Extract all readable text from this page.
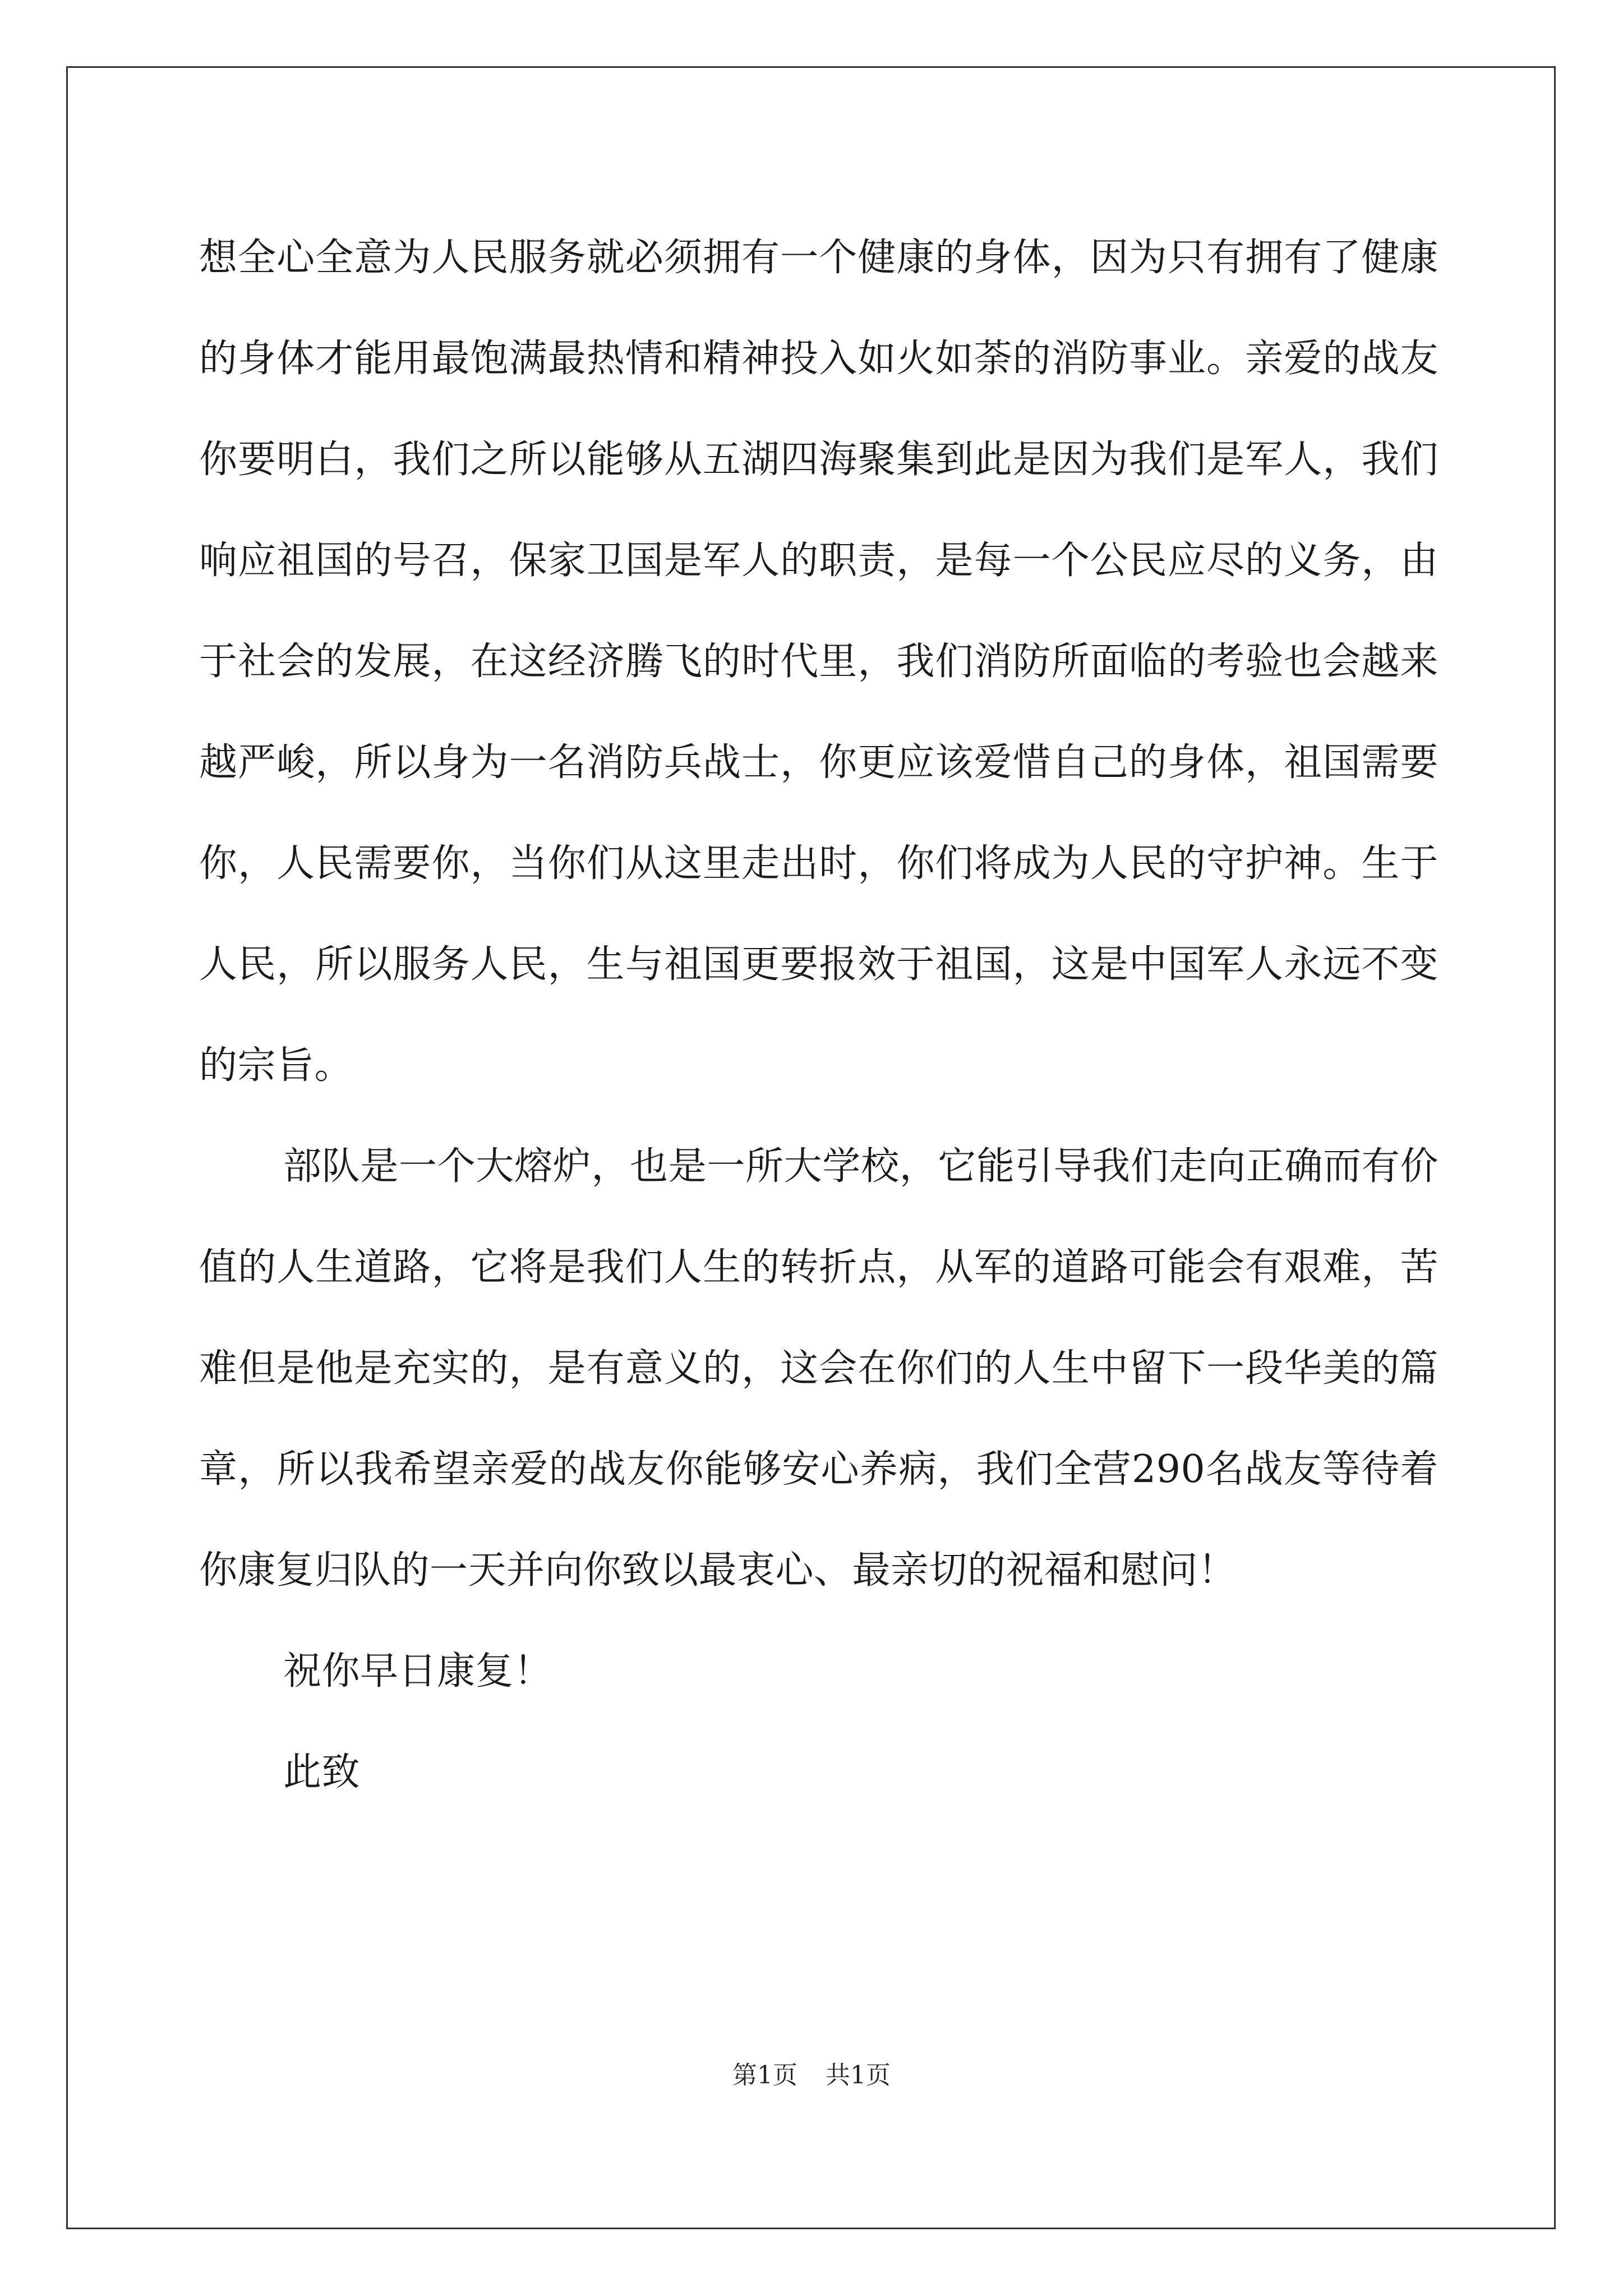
想全心全意为人民服务就必须拥有一个健康的身体，因为只有拥有了健康的身体才能用最饱满最热情和精神投入如火如荼的消防事业。亲爱的战友你要明白，我们之所以能够从五湖四海聚集到此是因为我们是军人，我们响应祖国的号召，保家卫国是军人的职责，是每一个公民应尽的义务，由于社会的发展，在这经济腾飞的时代里，我们消防所面临的考验也会越来越严峻，所以身为一名消防兵战士，你更应该爱惜自己的身体，祖国需要你，人民需要你，当你们从这里走出时，你们将成为人民的守护神。生于人民，所以服务人民，生与祖国更要报效于祖国，这是中国军人永远不变的宗旨。

部队是一个大熔炉，也是一所大学校，它能引导我们走向正确而有价值的人生道路，它将是我们人生的转折点，从军的道路可能会有艰难，苦难但是他是充实的，是有意义的，这会在你们的人生中留下一段华美的篇章，所以我希望亲爱的战友你能够安心养病，我们全营290名战友等待着你康复归队的一天并向你致以最衷心、最亲切的祝福和慰问！

祝你早日康复！

此致

第1页 共1页
